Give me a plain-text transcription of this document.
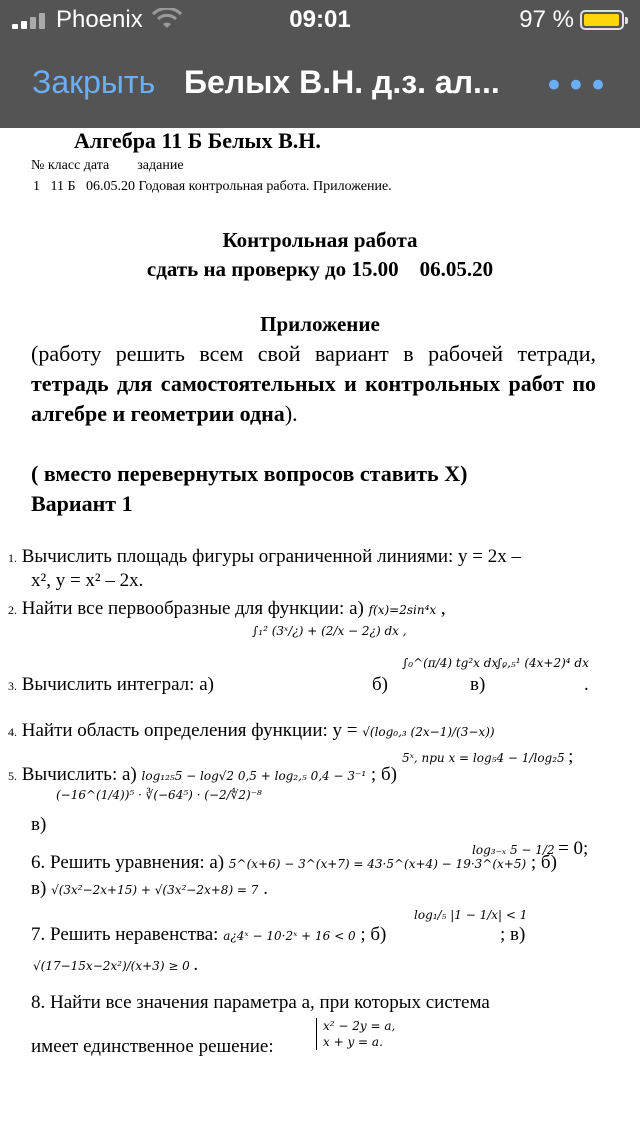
Phoenix	09:01	97 %
Закрыть Белых В.Н. д.з. ал... •••
Алгебра 11 Б Белых В.Н.
№ класс дата        задание
1   11 Б   06.05.20 Годовая контрольная работа. Приложение.
Контрольная работа
сдать на проверку до 15.00    06.05.20
Приложение
(работу решить всем свой вариант в рабочей тетради, тетрадь для самостоятельных и контрольных работ по алгебре и геометрии одна).
( вместо перевернутых вопросов ставить X)
Вариант 1
1. Вычислить площадь фигуры ограниченной линиями: y = 2x –
x², y = x² – 2x.
2. Найти все первообразные для функции: а) f(x)=2sin⁴x ,
3. Вычислить интеграл: а)
∫₁² (3ˣ/¿) + (2/x − 2¿) dx ,
б)
∫₀^(π/4) tg²x dx ,
в)
∫₀,₅¹ (4x+2)⁴ dx
.
4. Найти область определения функции: y = √(log₀,₃ (2x−1)/(3−x))
5. Вычислить: а) log₁₂₅5 − log√2 0,5 + log₂,₅ 0,4 − 3⁻¹ ; б)
5ˣ, при x = log₅4 − 1/log₂5 ;
в)
(−16^(1/4))⁵ · ∛(−64⁵) · (−2/∜2)⁻⁸
6. Решить уравнения: а) 5^(x+6) − 3^(x+7) = 43·5^(x+4) − 19·3^(x+5) ; б)
log₃₋ₓ 5 − 1/2 = 0;
в) √(3x²−2x+15) + √(3x²−2x+8) = 7 .
7. Решить неравенства: a¿4ˣ − 10·2ˣ + 16 < 0 ; б)
log₁/₅ |1 − 1/x| < 1
; в)
√(17−15x−2x²)/(x+3) ≥ 0 .
8. Найти все значения параметра а, при которых система
имеет единственное решение:
x² − 2y = a,
x + y = a.
